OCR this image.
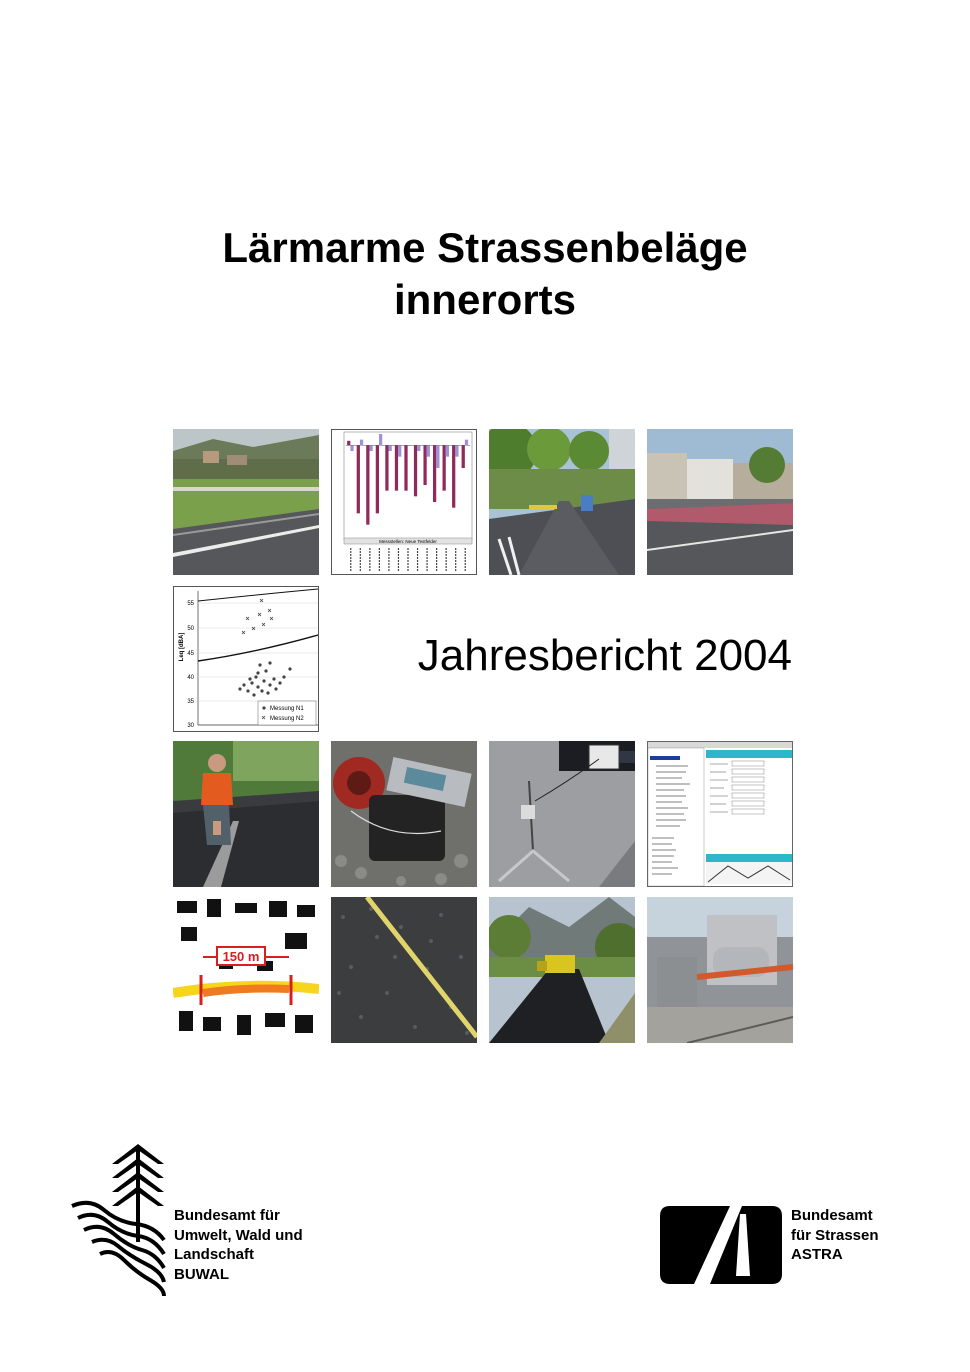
Lärmarme Strassenbeläge
innerorts
Messstellen: Neue Testfelder
55
50
45
40
35
30
Leq [dBA]
Messung N1
Messung N2

Jahresbericht 2004

150 m
Bundesamt für
Umwelt, Wald und
Landschaft
BUWAL
Bundesamt
für Strassen
ASTRA
